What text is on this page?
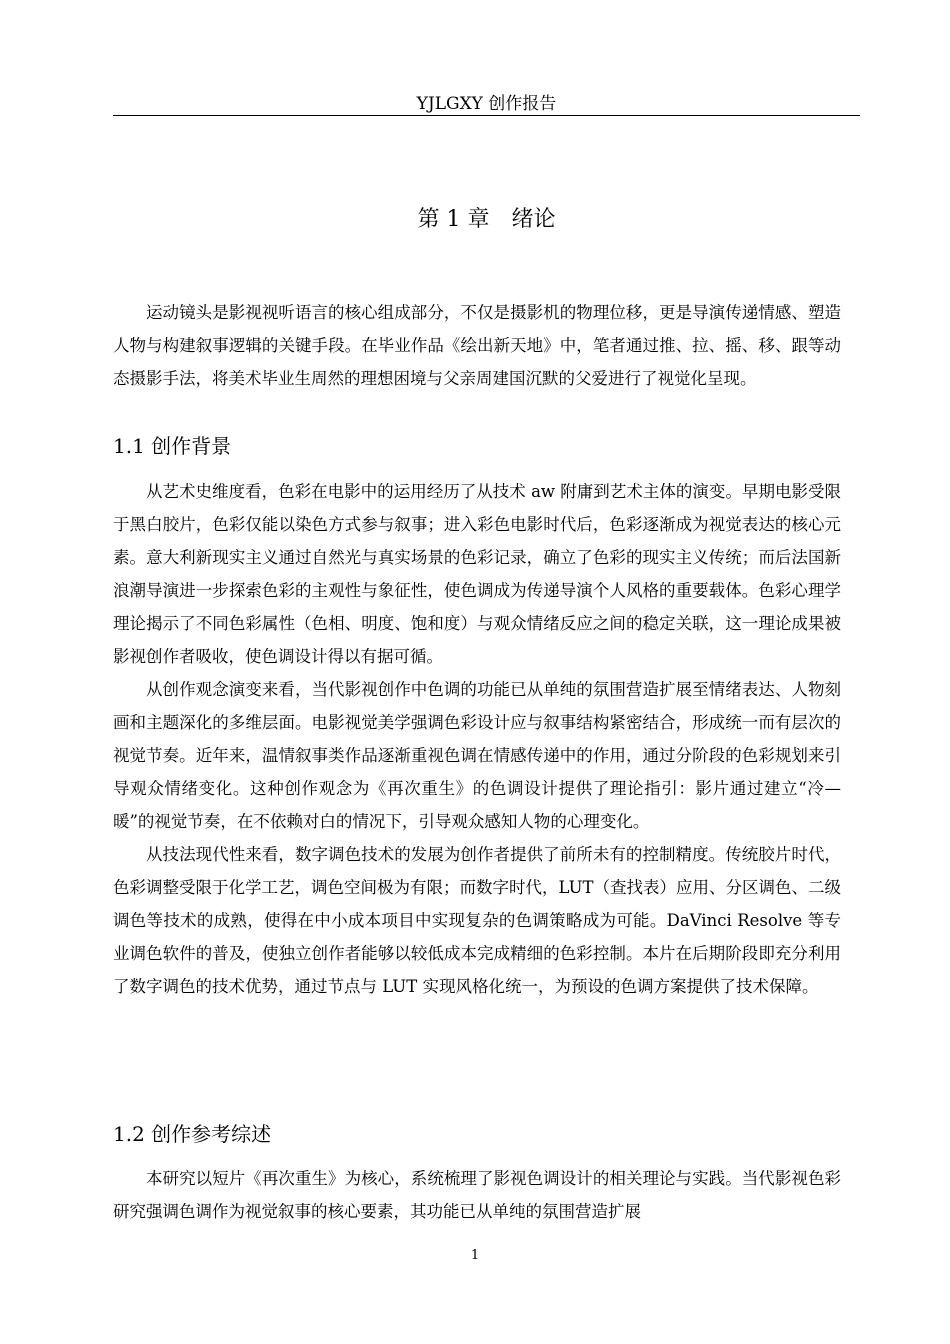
YJLGXY 创作报告
第 1 章 绪论

运动镜头是影视视听语言的核心组成部分，不仅是摄影机的物理位移，更是导演传递情感、塑造人物与构建叙事逻辑的关键手段。在毕业作品《绘出新天地》中，笔者通过推、拉、摇、移、跟等动态摄影手法，将美术毕业生周然的理想困境与父亲周建国沉默的父爱进行了视觉化呈现。

1.1 创作背景

从艺术史维度看，色彩在电影中的运用经历了从技术 aw 附庸到艺术主体的演变。早期电影受限于黑白胶片，色彩仅能以染色方式参与叙事；进入彩色电影时代后，色彩逐渐成为视觉表达的核心元素。意大利新现实主义通过自然光与真实场景的色彩记录，确立了色彩的现实主义传统；而后法国新浪潮导演进一步探索色彩的主观性与象征性，使色调成为传递导演个人风格的重要载体。色彩心理学理论揭示了不同色彩属性（色相、明度、饱和度）与观众情绪反应之间的稳定关联，这一理论成果被影视创作者吸收，使色调设计得以有据可循。

从创作观念演变来看，当代影视创作中色调的功能已从单纯的氛围营造扩展至情绪表达、人物刻画和主题深化的多维层面。电影视觉美学强调色彩设计应与叙事结构紧密结合，形成统一而有层次的视觉节奏。近年来，温情叙事类作品逐渐重视色调在情感传递中的作用，通过分阶段的色彩规划来引导观众情绪变化。这种创作观念为《再次重生》的色调设计提供了理论指引：影片通过建立“冷—暖”的视觉节奏，在不依赖对白的情况下，引导观众感知人物的心理变化。

从技法现代性来看，数字调色技术的发展为创作者提供了前所未有的控制精度。传统胶片时代，色彩调整受限于化学工艺，调色空间极为有限；而数字时代，LUT（查找表）应用、分区调色、二级调色等技术的成熟，使得在中小成本项目中实现复杂的色调策略成为可能。DaVinci Resolve 等专业调色软件的普及，使独立创作者能够以较低成本完成精细的色彩控制。本片在后期阶段即充分利用了数字调色的技术优势，通过节点与 LUT 实现风格化统一，为预设的色调方案提供了技术保障。

1.2 创作参考综述

本研究以短片《再次重生》为核心，系统梳理了影视色调设计的相关理论与实践。当代影视色彩研究强调色调作为视觉叙事的核心要素，其功能已从单纯的氛围营造扩展

1
